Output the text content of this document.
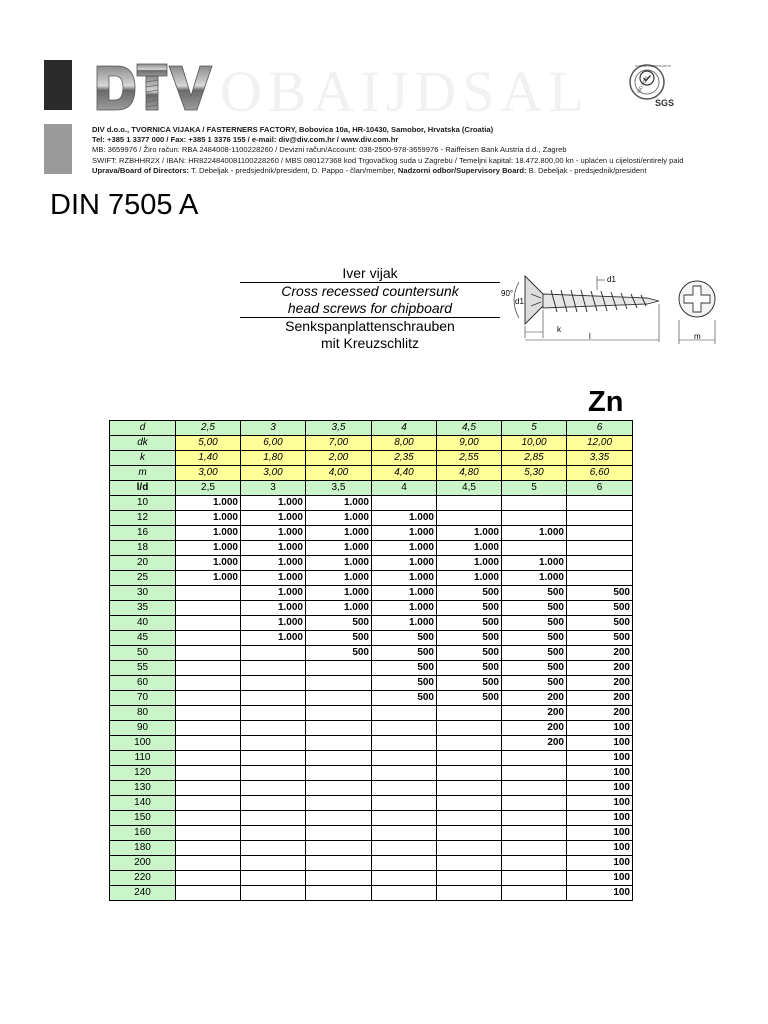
DTV
OBAIJDSAL	ISO 9001
SYSTEM CERTIFICATION
SGS
DIV d.o.o., TVORNICA VIJAKA / FASTERNERS FACTORY, Bobovica 10a, HR-10430, Samobor, Hrvatska (Croatia)
Tel: +385 1 3377 000 / Fax: +385 1 3376 155 / e-mail: div@div.com.hr / www.div.com.hr
MB: 3659976 / Žiro račun: RBA 2484008-1100228260 / Devizni račun/Account: 038-2500-978-3659976 - Raiffeisen Bank Austria d.d., Zagreb
SWIFT: RZBHHR2X / IBAN: HR8224840081100228260 / MBS 080127368 kod Trgovačkog suda u Zagrebu / Temeljni kapital: 18.472.800,00 kn - uplaćen u cijelosti/entirely paid
Uprava/Board of Directors: T. Debeljak - predsjednik/president, D. Pappo - član/member, Nadzorni odbor/Supervisory Board: B. Debeljak - predsjednik/president
DIN 7505 A
Iver vijak
Cross recessed countersunk
head screws for chipboard
Senkspanplattenschrauben
mit Kreuzschlitz
90°
d1
d1
k
l	m
Zn
d	2,5	3	3,5	4	4,5	5	6
dk	5,00	6,00	7,00	8,00	9,00	10,00	12,00
k	1,40	1,80	2,00	2,35	2,55	2,85	3,35
m	3,00	3,00	4,00	4,40	4,80	5,30	6,60
l/d	2,5	3	3,5	4	4,5	5	6
10	1.000	1.000	1.000				
12	1.000	1.000	1.000	1.000			
16	1.000	1.000	1.000	1.000	1.000	1.000	
18	1.000	1.000	1.000	1.000	1.000		
20	1.000	1.000	1.000	1.000	1.000	1.000	
25	1.000	1.000	1.000	1.000	1.000	1.000	
30		1.000	1.000	1.000	500	500	500
35		1.000	1.000	1.000	500	500	500
40		1.000	500	1.000	500	500	500
45		1.000	500	500	500	500	500
50			500	500	500	500	200
55				500	500	500	200
60				500	500	500	200
70				500	500	200	200
80						200	200
90						200	100
100						200	100
110							100
120							100
130							100
140							100
150							100
160							100
180							100
200							100
220							100
240							100
